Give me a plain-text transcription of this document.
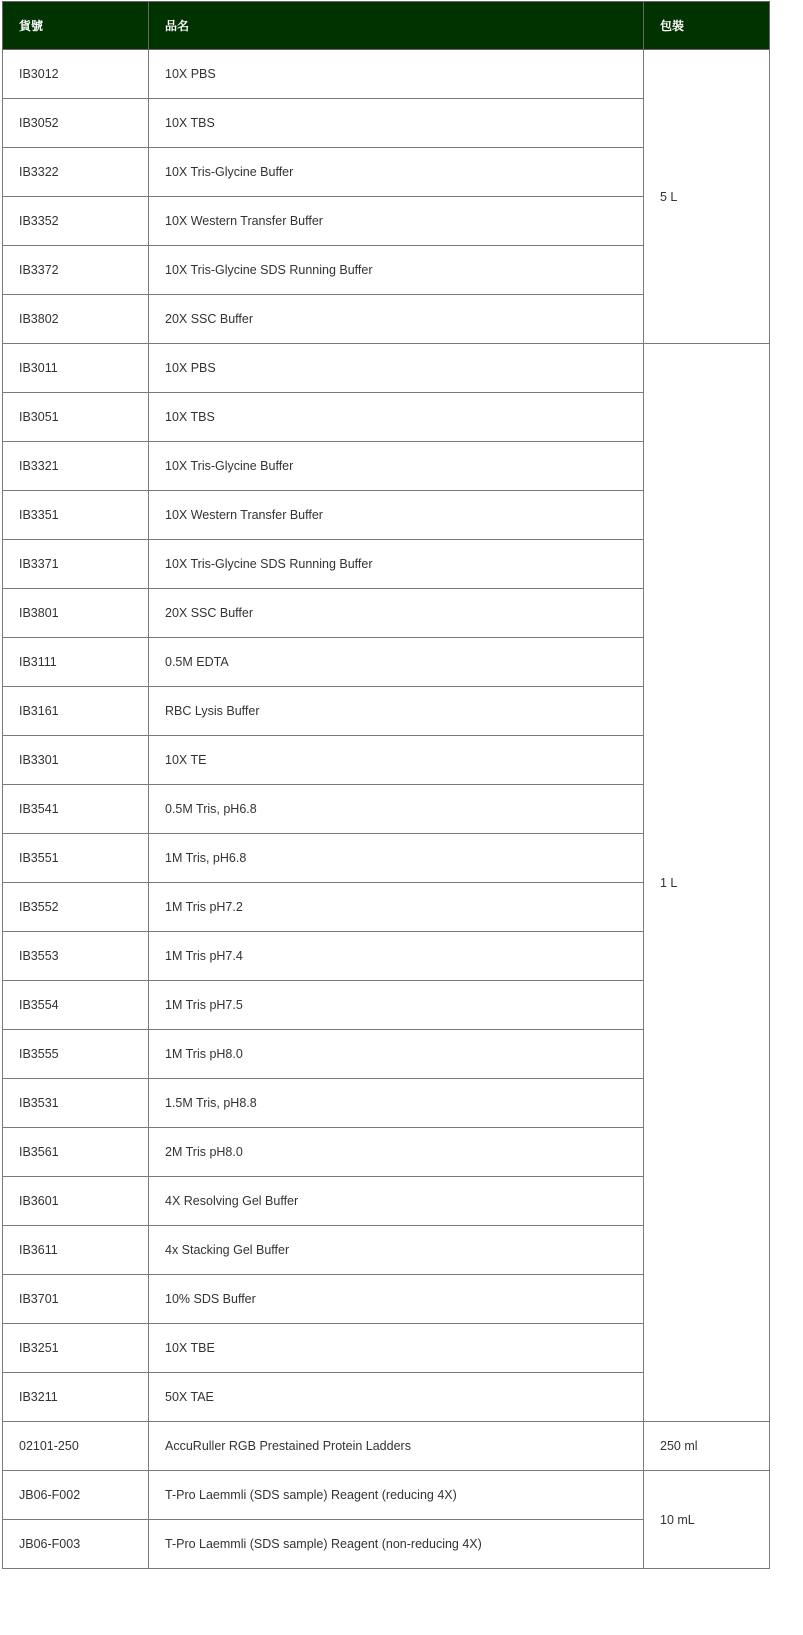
貨號	品名	包裝
IB3012	10X PBS	5 L
IB3052	10X TBS	
IB3322	10X Tris-Glycine Buffer	
IB3352	10X Western Transfer Buffer	
IB3372	10X Tris-Glycine SDS Running Buffer	
IB3802	20X SSC Buffer	
IB3011	10X PBS	1 L
IB3051	10X TBS	
IB3321	10X Tris-Glycine Buffer	
IB3351	10X Western Transfer Buffer	
IB3371	10X Tris-Glycine SDS Running Buffer	
IB3801	20X SSC Buffer	
IB3111	0.5M EDTA	
IB3161	RBC Lysis Buffer	
IB3301	10X TE	
IB3541	0.5M Tris, pH6.8	
IB3551	1M Tris, pH6.8	
IB3552	1M Tris pH7.2	
IB3553	1M Tris pH7.4	
IB3554	1M Tris pH7.5	
IB3555	1M Tris pH8.0	
IB3531	1.5M Tris, pH8.8	
IB3561	2M Tris pH8.0	
IB3601	4X Resolving Gel Buffer	
IB3611	4x Stacking Gel Buffer	
IB3701	10% SDS Buffer	
IB3251	10X TBE	
IB3211	50X TAE	
02101-250	AccuRuller RGB Prestained Protein Ladders	250 ml
JB06-F002	T-Pro Laemmli (SDS sample) Reagent (reducing 4X)	10 mL
JB06-F003	T-Pro Laemmli (SDS sample) Reagent (non-reducing 4X)	
